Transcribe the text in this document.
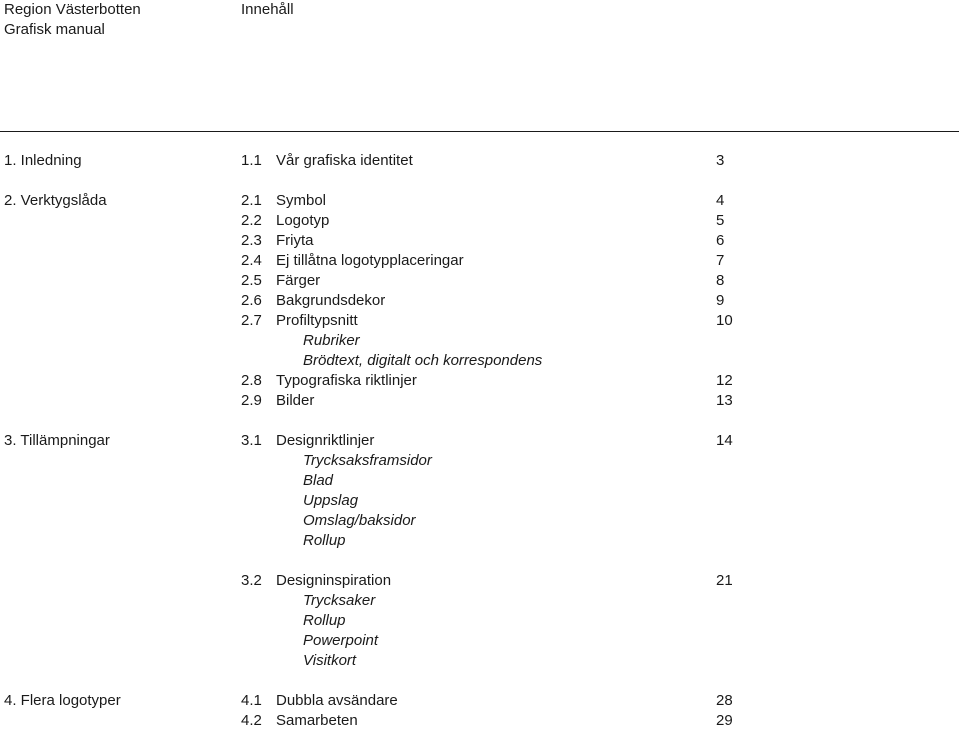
Region Västerbotten
Grafisk manual
Innehåll
1. Inledning	1.1 Vår grafiska identitet	3
2. Verktygslåda	2.1 Symbol	4
2.2 Logotyp	5
2.3 Friyta	6
2.4 Ej tillåtna logotypplaceringar	7
2.5 Färger	8
2.6 Bakgrundsdekor	9
2.7 Profiltypsnitt	10
Rubriker
Brödtext, digitalt och korrespondens
2.8 Typografiska riktlinjer	12
2.9 Bilder	13
3. Tillämpningar	3.1 Designriktlinjer	14
Trycksaksframsidor
Blad
Uppslag
Omslag/baksidor
Rollup
3.2 Designinspiration	21
Trycksaker
Rollup
Powerpoint
Visitkort
4. Flera logotyper	4.1 Dubbla avsändare	28
4.2 Samarbeten	29
